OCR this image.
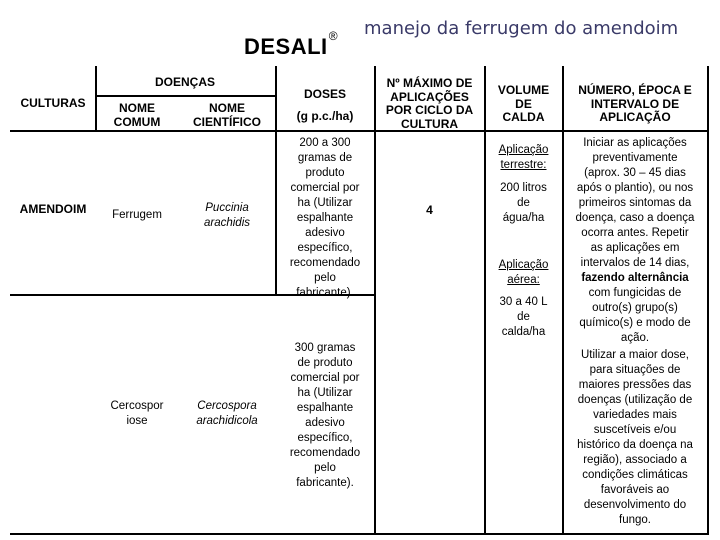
manejo da ferrugem do amendoim
DESALI®
CULTURAS
DOENÇAS
NOME
COMUM
NOME
CIENTÍFICO
DOSES
(g p.c./ha)
Nº MÁXIMO DE
APLICAÇÕES
POR CICLO DA
CULTURA
VOLUME
DE
CALDA
NÚMERO, ÉPOCA E
INTERVALO DE
APLICAÇÃO
AMENDOIM	4
Ferrugem
Puccinia
arachidis
200 a 300
gramas de
produto
comercial por
ha (Utilizar
espalhante
adesivo
específico,
recomendado
pelo
fabricante).
Cercospor
iose
Cercospora
arachidicola
300 gramas
de produto
comercial por
ha (Utilizar
espalhante
adesivo
específico,
recomendado
pelo
fabricante).
Aplicação
terrestre:
200 litros
de
água/ha
Aplicação
aérea:
30 a 40 L
de
calda/ha
Iniciar as aplicações
preventivamente
(aprox. 30 – 45 dias
após o plantio), ou nos
primeiros sintomas da
doença, caso a doença
ocorra antes. Repetir
as aplicações em
intervalos de 14 dias,
fazendo alternância
com fungicidas de
outro(s) grupo(s)
químico(s) e modo de
ação.
Utilizar a maior dose,
para situações de
maiores pressões das
doenças (utilização de
variedades mais
suscetíveis e/ou
histórico da doença na
região), associado a
condições climáticas
favoráveis ao
desenvolvimento do
fungo.
